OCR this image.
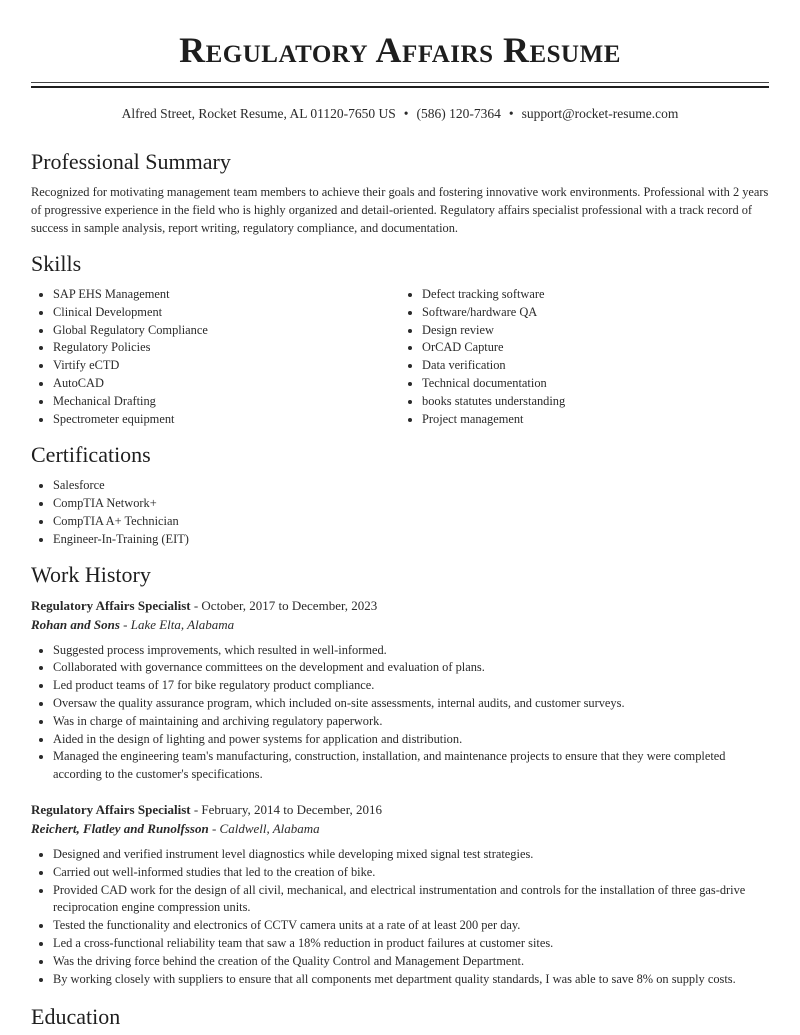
Regulatory Affairs Resume
Alfred Street, Rocket Resume, AL 01120-7650 US • (586) 120-7364 • support@rocket-resume.com
Professional Summary

Recognized for motivating management team members to achieve their goals and fostering innovative work environments. Professional with 2 years of progressive experience in the field who is highly organized and detail-oriented. Regulatory affairs specialist professional with a track record of success in sample analysis, report writing, regulatory compliance, and documentation.

Skills
• SAP EHS Management
• Clinical Development
• Global Regulatory Compliance
• Regulatory Policies
• Virtify eCTD
• AutoCAD
• Mechanical Drafting
• Spectrometer equipment
• Defect tracking software
• Software/hardware QA
• Design review
• OrCAD Capture
• Data verification
• Technical documentation
• books statutes understanding
• Project management
Certifications
• Salesforce
• CompTIA Network+
• CompTIA A+ Technician
• Engineer-In-Training (EIT)
Work History
Regulatory Affairs Specialist - October, 2017 to December, 2023
Rohan and Sons - Lake Elta, Alabama
• Suggested process improvements, which resulted in well-informed.
• Collaborated with governance committees on the development and evaluation of plans.
• Led product teams of 17 for bike regulatory product compliance.
• Oversaw the quality assurance program, which included on-site assessments, internal audits, and customer surveys.
• Was in charge of maintaining and archiving regulatory paperwork.
• Aided in the design of lighting and power systems for application and distribution.
• Managed the engineering team's manufacturing, construction, installation, and maintenance projects to ensure that they were completed according to the customer's specifications.
Regulatory Affairs Specialist - February, 2014 to December, 2016
Reichert, Flatley and Runolfsson - Caldwell, Alabama
• Designed and verified instrument level diagnostics while developing mixed signal test strategies.
• Carried out well-informed studies that led to the creation of bike.
• Provided CAD work for the design of all civil, mechanical, and electrical instrumentation and controls for the installation of three gas-drive reciprocation engine compression units.
• Tested the functionality and electronics of CCTV camera units at a rate of at least 200 per day.
• Led a cross-functional reliability team that saw a 18% reduction in product failures at customer sites.
• Was the driving force behind the creation of the Quality Control and Management Department.
• By working closely with suppliers to ensure that all components met department quality standards, I was able to save 8% on supply costs.
Education
